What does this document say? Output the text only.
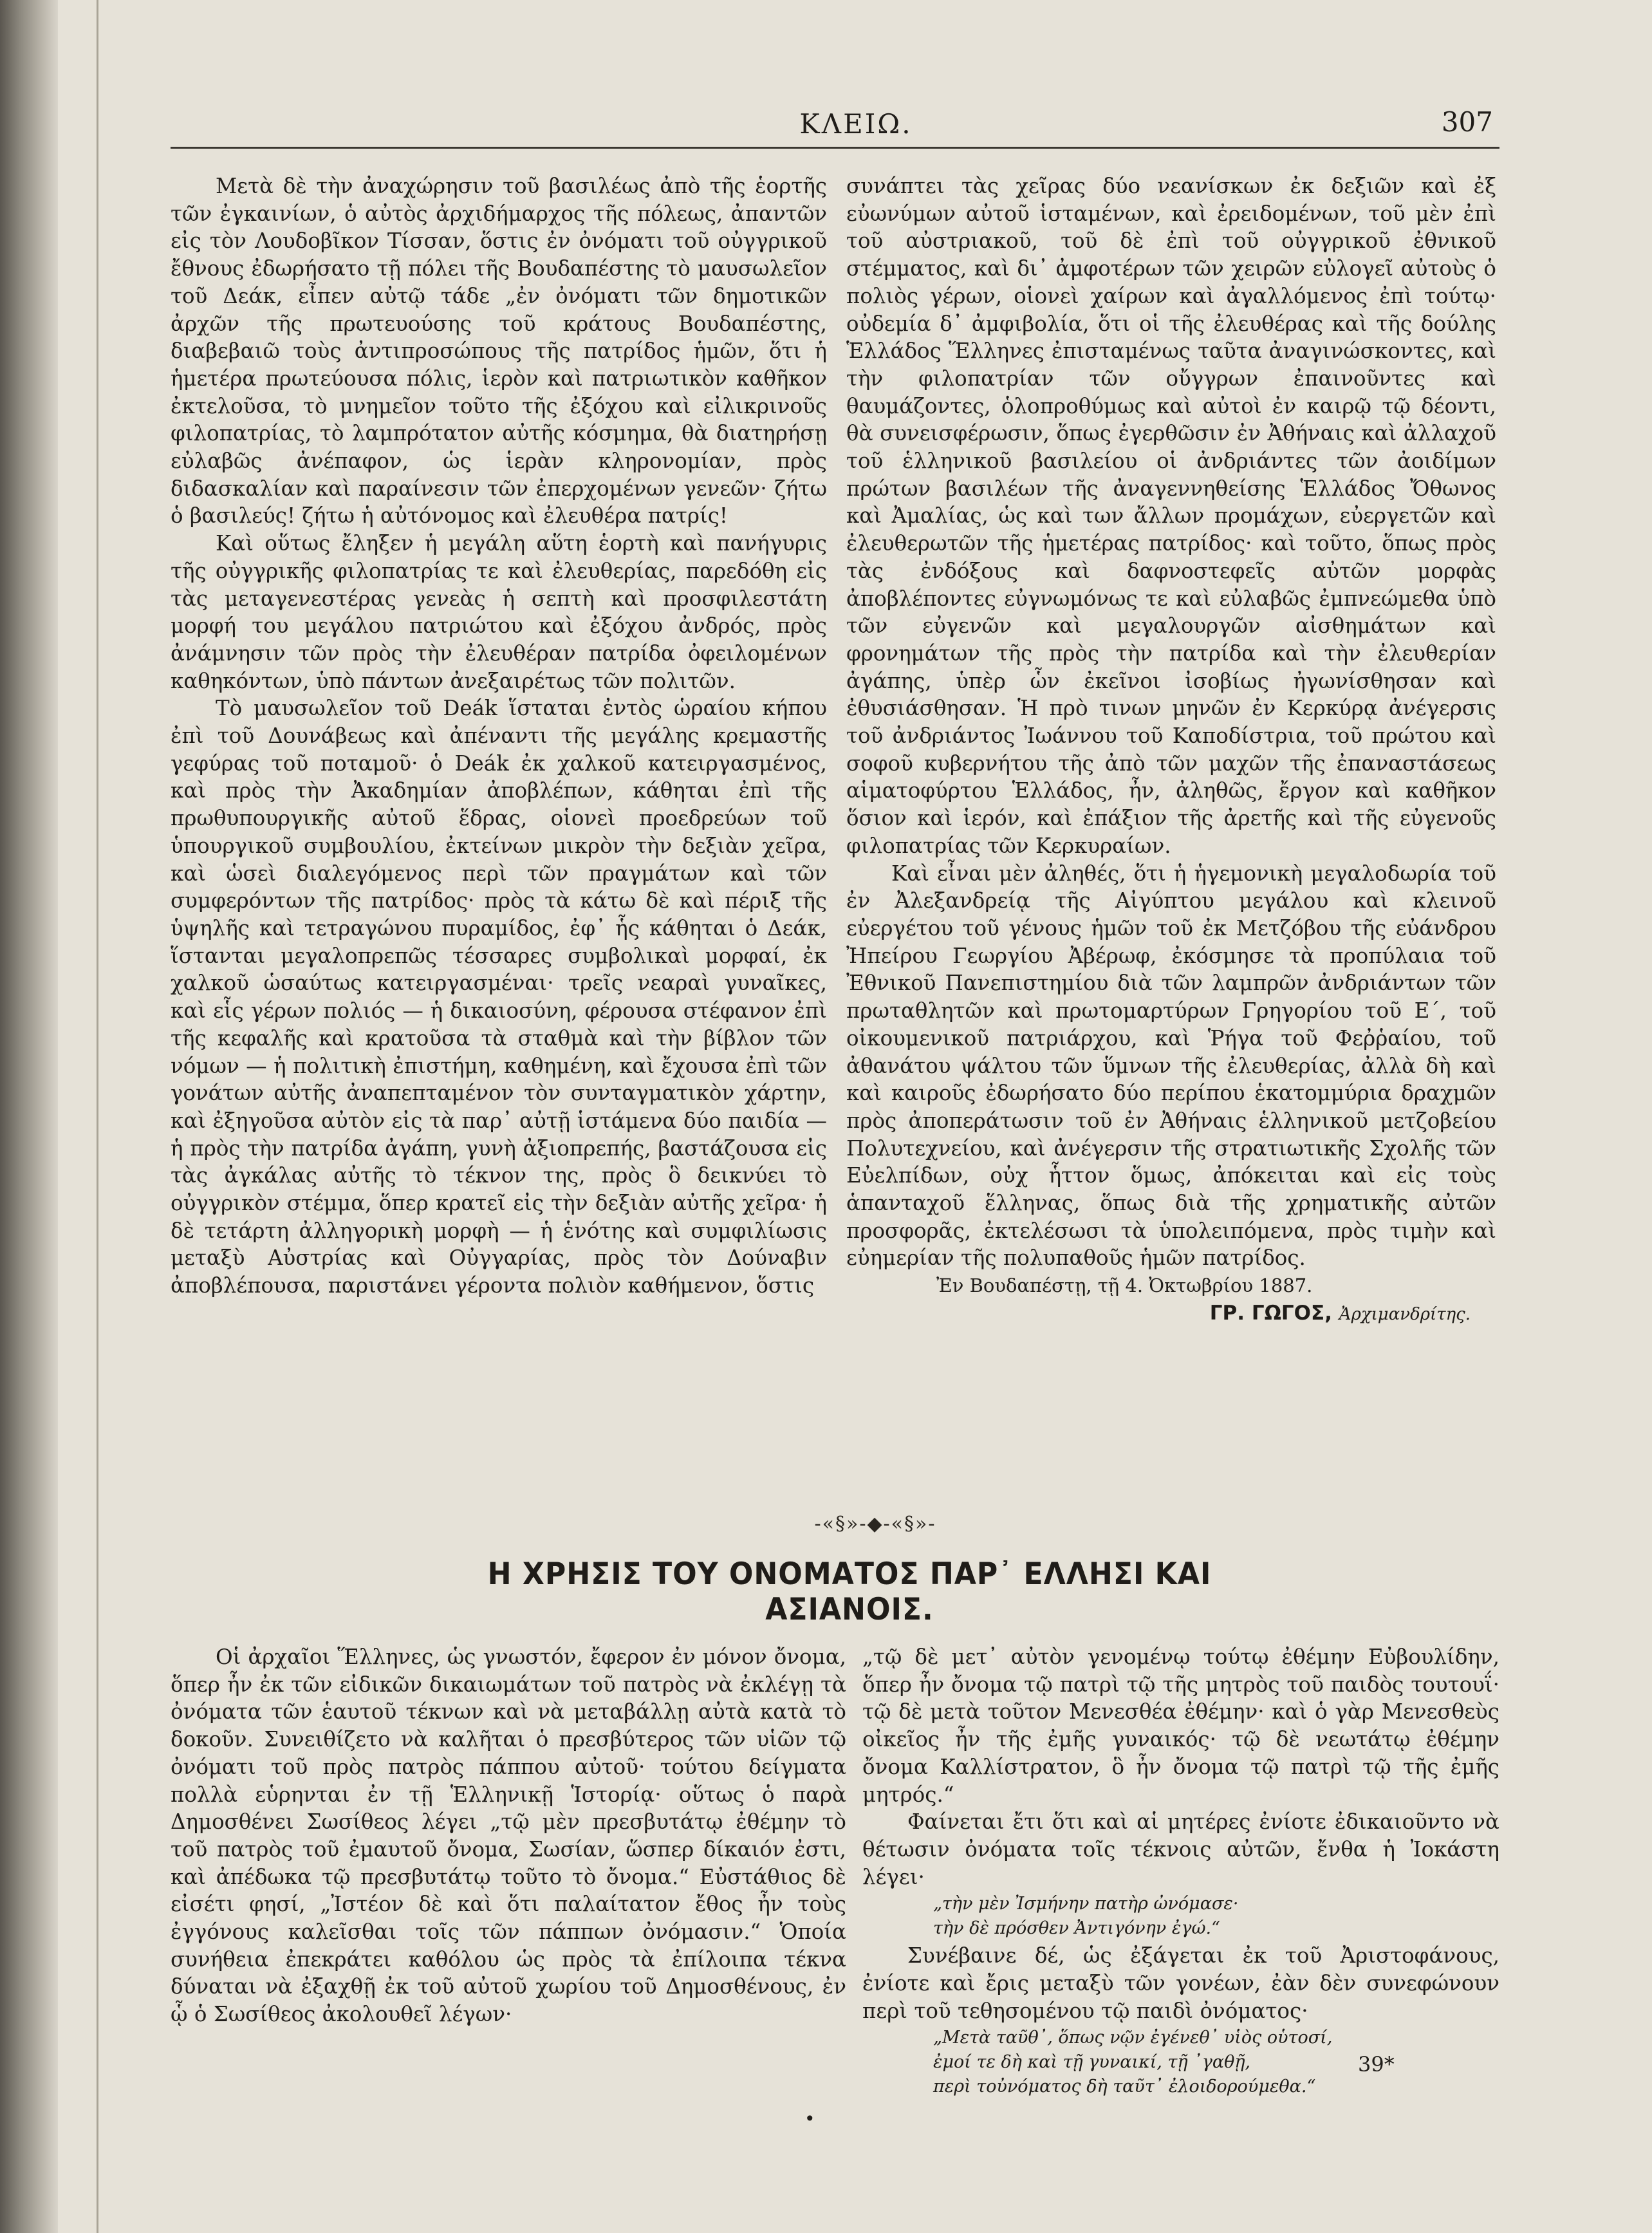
ΚΛΕΙΩ.	307

Μετὰ δὲ τὴν ἀναχώρησιν τοῦ βασιλέως ἀπὸ τῆς ἑορτῆς τῶν ἐγκαινίων, ὁ αὐτὸς ἀρχιδήμαρχος τῆς πόλεως, ἀπαντῶν εἰς τὸν Λουδοβῖκον Τίσσαν, ὅστις ἐν ὀνόματι τοῦ οὐγγρικοῦ ἔθνους ἐδωρήσατο τῇ πόλει τῆς Βουδαπέστης τὸ μαυσωλεῖον τοῦ Δεάκ, εἶπεν αὐτῷ τάδε „ἐν ὀνόματι τῶν δημοτικῶν ἀρχῶν τῆς πρωτευούσης τοῦ κράτους Βουδαπέστης, διαβεβαιῶ τοὺς ἀντιπροσώπους τῆς πατρίδος ἡμῶν, ὅτι ἡ ἡμετέρα πρωτεύουσα πόλις, ἱερὸν καὶ πατριωτικὸν καθῆκον ἐκτελοῦσα, τὸ μνημεῖον τοῦτο τῆς ἐξόχου καὶ εἰλικρινοῦς φιλοπατρίας, τὸ λαμπρότατον αὐτῆς κόσμημα, θὰ διατηρήσῃ εὐλαβῶς ἀνέπαφον, ὡς ἱερὰν κληρονομίαν, πρὸς διδασκαλίαν καὶ παραίνεσιν τῶν ἐπερχομένων γενεῶν· ζήτω ὁ βασιλεύς! ζήτω ἡ αὐτόνομος καὶ ἐλευθέρα πατρίς!

Καὶ οὕτως ἔληξεν ἡ μεγάλη αὕτη ἑορτὴ καὶ πανήγυρις τῆς οὐγγρικῆς φιλοπατρίας τε καὶ ἐλευθερίας, παρεδόθη εἰς τὰς μεταγενεστέρας γενεὰς ἡ σεπτὴ καὶ προσφιλεστάτη μορφή του μεγάλου πατριώτου καὶ ἐξόχου ἀνδρός, πρὸς ἀνάμνησιν τῶν πρὸς τὴν ἐλευθέραν πατρίδα ὀφειλομένων καθηκόντων, ὑπὸ πάντων ἀνεξαιρέτως τῶν πολιτῶν.

Τὸ μαυσωλεῖον τοῦ Deák ἵσταται ἐντὸς ὡραίου κήπου ἐπὶ τοῦ Δουνάβεως καὶ ἀπέναντι τῆς μεγάλης κρεμαστῆς γεφύρας τοῦ ποταμοῦ· ὁ Deák ἐκ χαλκοῦ κατειργασμένος, καὶ πρὸς τὴν Ἀκαδημίαν ἀποβλέπων, κάθηται ἐπὶ τῆς πρωθυπουργικῆς αὐτοῦ ἕδρας, οἱονεὶ προεδρεύων τοῦ ὑπουργικοῦ συμβουλίου, ἐκτείνων μικρὸν τὴν δεξιὰν χεῖρα, καὶ ὡσεὶ διαλεγόμενος περὶ τῶν πραγμάτων καὶ τῶν συμφερόντων τῆς πατρίδος· πρὸς τὰ κάτω δὲ καὶ πέριξ τῆς ὑψηλῆς καὶ τετραγώνου πυραμίδος, ἐφ᾽ ἧς κάθηται ὁ Δεάκ, ἵστανται μεγαλοπρεπῶς τέσσαρες συμβολικαὶ μορφαί, ἐκ χαλκοῦ ὡσαύτως κατειργασμέναι· τρεῖς νεαραὶ γυναῖκες, καὶ εἷς γέρων πολιός — ἡ δικαιοσύνη, φέρουσα στέφανον ἐπὶ τῆς κεφαλῆς καὶ κρατοῦσα τὰ σταθμὰ καὶ τὴν βίβλον τῶν νόμων — ἡ πολιτικὴ ἐπιστήμη, καθημένη, καὶ ἔχουσα ἐπὶ τῶν γονάτων αὐτῆς ἀναπεπταμένον τὸν συνταγματικὸν χάρτην, καὶ ἐξηγοῦσα αὐτὸν εἰς τὰ παρ᾽ αὐτῇ ἱστάμενα δύο παιδία — ἡ πρὸς τὴν πατρίδα ἀγάπη, γυνὴ ἀξιοπρεπής, βαστάζουσα εἰς τὰς ἀγκάλας αὐτῆς τὸ τέκνον της, πρὸς ὃ δεικνύει τὸ οὐγγρικὸν στέμμα, ὅπερ κρατεῖ εἰς τὴν δεξιὰν αὐτῆς χεῖρα· ἡ δὲ τετάρτη ἀλληγορικὴ μορφὴ — ἡ ἑνότης καὶ συμφιλίωσις μεταξὺ Αὐστρίας καὶ Οὐγγαρίας, πρὸς τὸν Δούναβιν ἀποβλέπουσα, παριστάνει γέροντα πολιὸν καθήμενον, ὅστις

συνάπτει τὰς χεῖρας δύο νεανίσκων ἐκ δεξιῶν καὶ ἐξ εὐωνύμων αὐτοῦ ἱσταμένων, καὶ ἐρειδομένων, τοῦ μὲν ἐπὶ τοῦ αὐστριακοῦ, τοῦ δὲ ἐπὶ τοῦ οὐγγρικοῦ ἐθνικοῦ στέμματος, καὶ δι᾽ ἀμφοτέρων τῶν χειρῶν εὐλογεῖ αὐτοὺς ὁ πολιὸς γέρων, οἱονεὶ χαίρων καὶ ἀγαλλόμενος ἐπὶ τούτῳ· οὐδεμία δ᾽ ἀμφιβολία, ὅτι οἱ τῆς ἐλευθέρας καὶ τῆς δούλης Ἑλλάδος Ἕλληνες ἐπισταμένως ταῦτα ἀναγινώσκοντες, καὶ τὴν φιλοπατρίαν τῶν οὔγγρων ἐπαινοῦντες καὶ θαυμάζοντες, ὁλοπροθύμως καὶ αὐτοὶ ἐν καιρῷ τῷ δέοντι, θὰ συνεισφέρωσιν, ὅπως ἐγερθῶσιν ἐν Ἀθήναις καὶ ἀλλαχοῦ τοῦ ἑλληνικοῦ βασιλείου οἱ ἀνδριάντες τῶν ἀοιδίμων πρώτων βασιλέων τῆς ἀναγεννηθείσης Ἑλλάδος Ὄθωνος καὶ Ἀμαλίας, ὡς καὶ των ἄλλων προμάχων, εὐεργετῶν καὶ ἐλευθερωτῶν τῆς ἡμετέρας πατρίδος· καὶ τοῦτο, ὅπως πρὸς τὰς ἐνδόξους καὶ δαφνοστεφεῖς αὐτῶν μορφὰς ἀποβλέποντες εὐγνωμόνως τε καὶ εὐλαβῶς ἐμπνεώμεθα ὑπὸ τῶν εὐγενῶν καὶ μεγαλουργῶν αἰσθημάτων καὶ φρονημάτων τῆς πρὸς τὴν πατρίδα καὶ τὴν ἐλευθερίαν ἀγάπης, ὑπὲρ ὧν ἐκεῖνοι ἰσοβίως ἠγωνίσθησαν καὶ ἐθυσιάσθησαν. Ἡ πρὸ τινων μηνῶν ἐν Κερκύρᾳ ἀνέγερσις τοῦ ἀνδριάντος Ἰωάννου τοῦ Καποδίστρια, τοῦ πρώτου καὶ σοφοῦ κυβερνήτου τῆς ἀπὸ τῶν μαχῶν τῆς ἐπαναστάσεως αἱματοφύρτου Ἑλλάδος, ἦν, ἀληθῶς, ἔργον καὶ καθῆκον ὅσιον καὶ ἱερόν, καὶ ἐπάξιον τῆς ἀρετῆς καὶ τῆς εὐγενοῦς φιλοπατρίας τῶν Κερκυραίων.

Καὶ εἶναι μὲν ἀληθές, ὅτι ἡ ἡγεμονικὴ μεγαλοδωρία τοῦ ἐν Ἀλεξανδρείᾳ τῆς Αἰγύπτου μεγάλου καὶ κλεινοῦ εὐεργέτου τοῦ γένους ἡμῶν τοῦ ἐκ Μετζόβου τῆς εὐάνδρου Ἠπείρου Γεωργίου Ἀβέρωφ, ἐκόσμησε τὰ προπύλαια τοῦ Ἐθνικοῦ Πανεπιστημίου διὰ τῶν λαμπρῶν ἀνδριάντων τῶν πρωταθλητῶν καὶ πρωτομαρτύρων Γρηγορίου τοῦ Ε΄, τοῦ οἰκουμενικοῦ πατριάρχου, καὶ Ῥήγα τοῦ Φεῤῥαίου, τοῦ ἀθανάτου ψάλτου τῶν ὕμνων τῆς ἐλευθερίας, ἀλλὰ δὴ καὶ καὶ καιροῦς ἐδωρήσατο δύο περίπου ἑκατομμύρια δραχμῶν πρὸς ἀποπεράτωσιν τοῦ ἐν Ἀθήναις ἑλληνικοῦ μετζοβείου Πολυτεχνείου, καὶ ἀνέγερσιν τῆς στρατιωτικῆς Σχολῆς τῶν Εὐελπίδων, οὐχ ἧττον ὅμως, ἀπόκειται καὶ εἰς τοὺς ἁπανταχοῦ ἕλληνας, ὅπως διὰ τῆς χρηματικῆς αὐτῶν προσφορᾶς, ἐκτελέσωσι τὰ ὑπολειπόμενα, πρὸς τιμὴν καὶ εὐημερίαν τῆς πολυπαθοῦς ἡμῶν πατρίδος.

Ἐν Βουδαπέστῃ, τῇ 4. Ὀκτωβρίου 1887.

ΓΡ. ΓΩΓΟΣ, Ἀρχιμανδρίτης.

-«§»-◆-«§»-
Η ΧΡΗΣΙΣ ΤΟΥ ΟΝΟΜΑΤΟΣ ΠΑΡ᾽ ΕΛΛΗΣΙ ΚΑΙ ΑΣΙΑΝΟΙΣ.

Οἱ ἀρχαῖοι Ἕλληνες, ὡς γνωστόν, ἔφερον ἐν μόνον ὄνομα, ὅπερ ἦν ἐκ τῶν εἰδικῶν δικαιωμάτων τοῦ πατρὸς νὰ ἐκλέγῃ τὰ ὀνόματα τῶν ἑαυτοῦ τέκνων καὶ νὰ μεταβάλλῃ αὐτὰ κατὰ τὸ δοκοῦν. Συνειθίζετο νὰ καλῆται ὁ πρεσβύτερος τῶν υἱῶν τῷ ὀνόματι τοῦ πρὸς πατρὸς πάππου αὐτοῦ· τούτου δείγματα πολλὰ εὑρηνται ἐν τῇ Ἑλληνικῇ Ἱστορίᾳ· οὕτως ὁ παρὰ Δημοσθένει Σωσίθεος λέγει „τῷ μὲν πρεσβυτάτῳ ἐθέμην τὸ τοῦ πατρὸς τοῦ ἐμαυτοῦ ὄνομα, Σωσίαν, ὥσπερ δίκαιόν ἐστι, καὶ ἀπέδωκα τῷ πρεσβυτάτῳ τοῦτο τὸ ὄνομα.“ Εὐστάθιος δὲ εἰσέτι φησί, „Ἰστέον δὲ καὶ ὅτι παλαίτατον ἔθος ἦν τοὺς ἐγγόνους καλεῖσθαι τοῖς τῶν πάππων ὀνόμασιν.“ Ὁποία συνήθεια ἐπεκράτει καθόλου ὡς πρὸς τὰ ἐπίλοιπα τέκνα δύναται νὰ ἐξαχθῇ ἐκ τοῦ αὐτοῦ χωρίου τοῦ Δημοσθένους, ἐν ᾧ ὁ Σωσίθεος ἀκολουθεῖ λέγων·

„τῷ δὲ μετ᾽ αὐτὸν γενομένῳ τούτῳ ἐθέμην Εὐβουλίδην, ὅπερ ἦν ὄνομα τῷ πατρὶ τῷ τῆς μητρὸς τοῦ παιδὸς τουτουΐ· τῷ δὲ μετὰ τοῦτον Μενεσθέα ἐθέμην· καὶ ὁ γὰρ Μενεσθεὺς οἰκεῖος ἦν τῆς ἐμῆς γυναικός· τῷ δὲ νεωτάτῳ ἐθέμην ὄνομα Καλλίστρατον, ὃ ἦν ὄνομα τῷ πατρὶ τῷ τῆς ἐμῆς μητρός.“

Φαίνεται ἔτι ὅτι καὶ αἱ μητέρες ἐνίοτε ἐδικαιοῦντο νὰ θέτωσιν ὀνόματα τοῖς τέκνοις αὐτῶν, ἔνθα ἡ Ἰοκάστη λέγει·

„τὴν μὲν Ἰσμήνην πατὴρ ὠνόμασε·

τὴν δὲ πρόσθεν Ἀντιγόνην ἐγώ.“

Συνέβαινε δέ, ὡς ἐξάγεται ἐκ τοῦ Ἀριστοφάνους, ἐνίοτε καὶ ἔρις μεταξὺ τῶν γονέων, ἐὰν δὲν συνεφώνουν περὶ τοῦ τεθησομένου τῷ παιδὶ ὀνόματος·

„Μετὰ ταῦθ᾽, ὅπως νῷν ἐγένεθ᾽ υἱὸς οὑτοσί,

ἐμοί τε δὴ καὶ τῇ γυναικί, τῇ ᾽γαθῇ,

περὶ τοὐνόματος δὴ ταῦτ᾽ ἐλοιδορούμεθα.“

39*
•
